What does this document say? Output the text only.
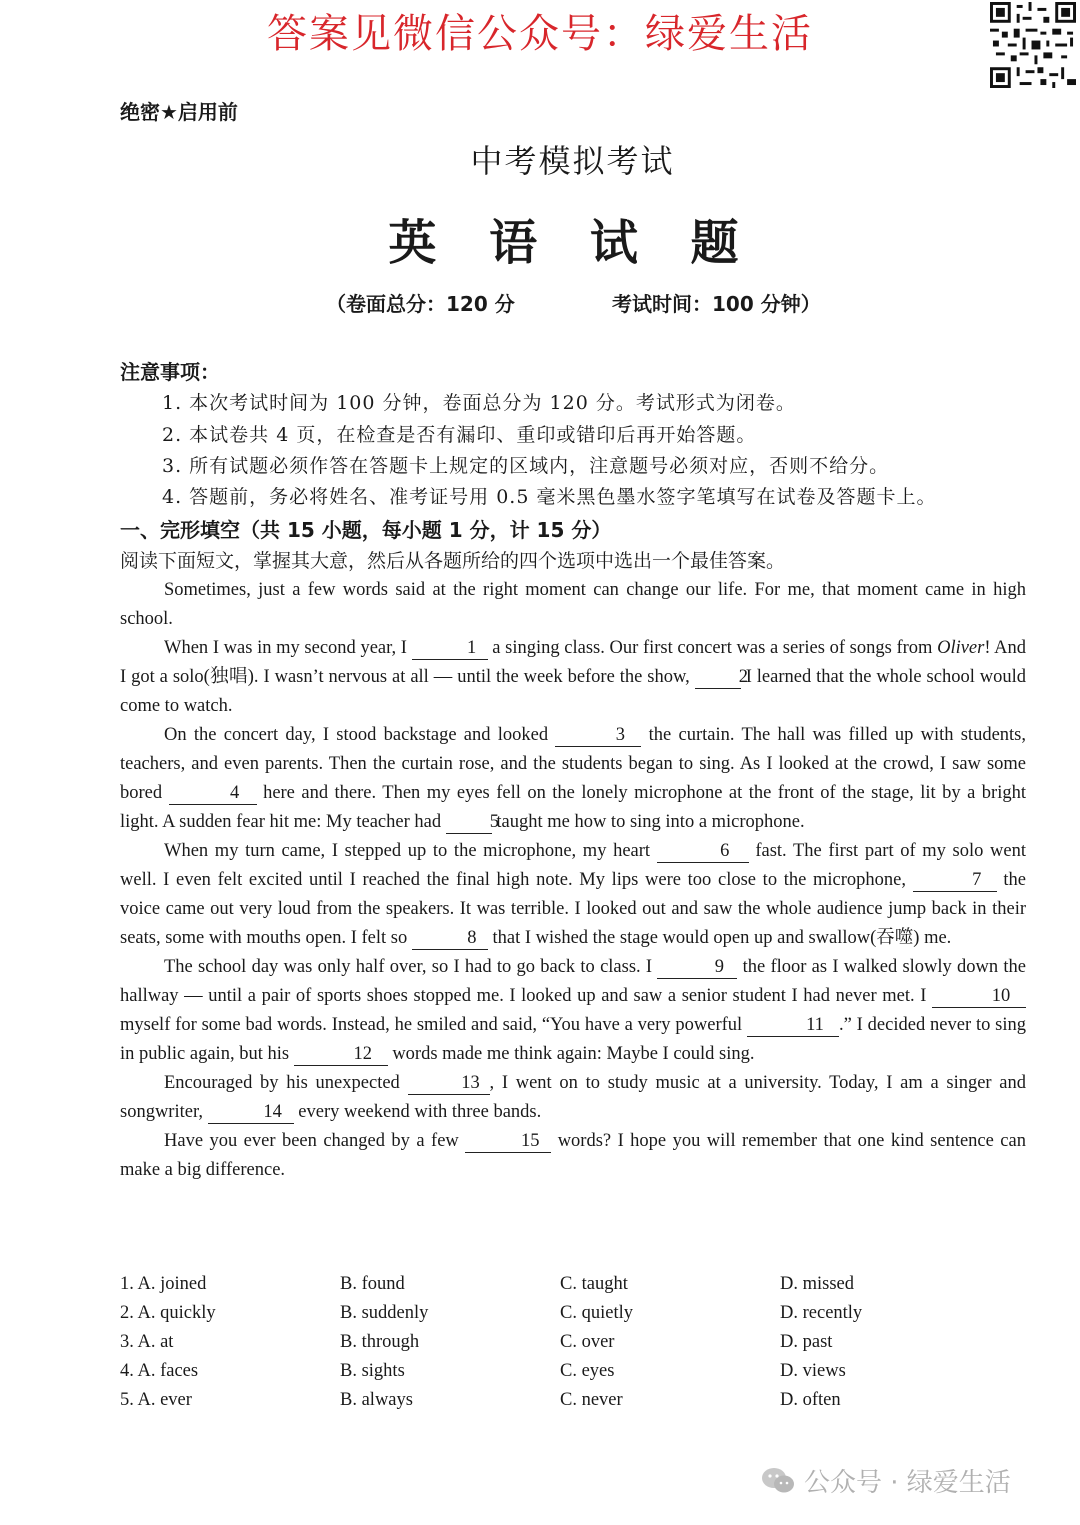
答案见微信公众号：绿爱生活
绝密★启用前
中考模拟考试
英 语 试 题
（卷面总分：120 分	考试时间：100 分钟）
注意事项：
1. 本次考试时间为 100 分钟，卷面总分为 120 分。考试形式为闭卷。
2. 本试卷共 4 页，在检查是否有漏印、重印或错印后再开始答题。
3. 所有试题必须作答在答题卡上规定的区域内，注意题号必须对应，否则不给分。
4. 答题前，务必将姓名、准考证号用 0.5 毫米黑色墨水签字笔填写在试卷及答题卡上。
一、完形填空（共 15 小题，每小题 1 分，计 15 分）
阅读下面短文，掌握其大意，然后从各题所给的四个选项中选出一个最佳答案。

Sometimes, just a few words said at the right moment can change our life. For me, that moment came in high school.

When I was in my second year, I	1 a singing class. Our first concert was a series of songs from Oliver! And I got a solo(独唱). I wasn’t nervous at all — until the week before the show,	2 I learned that the whole school would come to watch.

On the concert day, I stood backstage and looked	3 the curtain. The hall was filled up with students, teachers, and even parents. Then the curtain rose, and the students began to sing. As I looked at the crowd, I saw some bored	4 here and there. Then my eyes fell on the lonely microphone at the front of the stage, lit by a bright light. A sudden fear hit me: My teacher had	5 taught me how to sing into a microphone.

When my turn came, I stepped up to the microphone, my heart	6 fast. The first part of my solo went well. I even felt excited until I reached the final high note. My lips were too close to the microphone,	7 the voice came out very loud from the speakers. It was terrible. I looked out and saw the whole audience jump back in their seats, some with mouths open. I felt so	8 that I wished the stage would open up and swallow(吞噬) me.

The school day was only half over, so I had to go back to class. I	9 the floor as I walked slowly down the hallway — until a pair of sports shoes stopped me. I looked up and saw a senior student I had never met. I	10 myself for some bad words. Instead, he smiled and said, “You have a very powerful	11 .” I decided never to sing in public again, but his	12 words made me think again: Maybe I could sing.

Encouraged by his unexpected	13 , I went on to study music at a university. Today, I am a singer and songwriter,	14 every weekend with three bands.

Have you ever been changed by a few	15 words? I hope you will remember that one kind sentence can make a big difference.

1. A. joined	B. found	C. taught	D. missed
2. A. quickly	B. suddenly	C. quietly	D. recently
3. A. at	B. through	C. over	D. past
4. A. faces	B. sights	C. eyes	D. views
5. A. ever	B. always	C. never	D. often
公众号 · 绿爱生活
